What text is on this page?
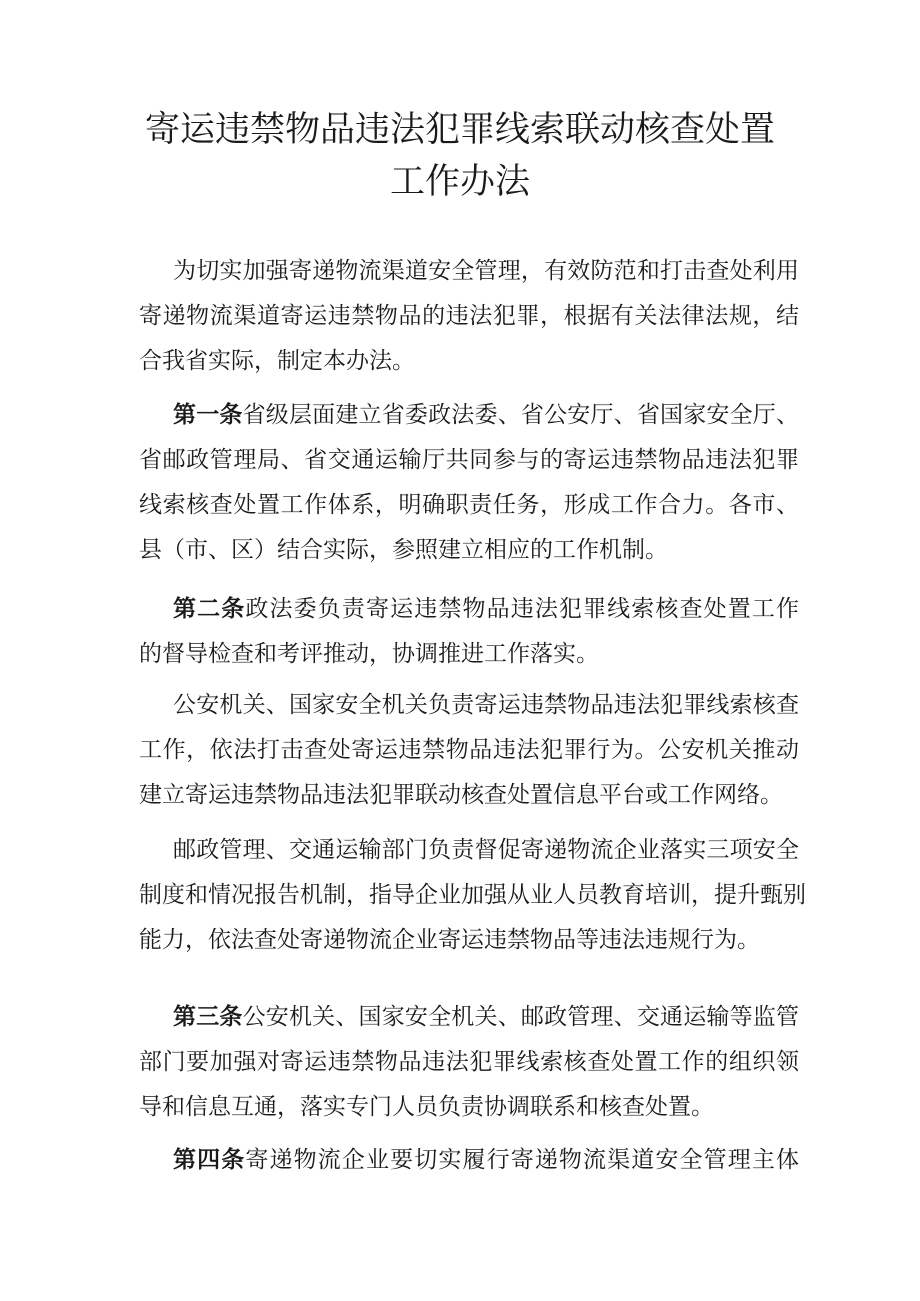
寄运违禁物品违法犯罪线索联动核查处置
工作办法
为切实加强寄递物流渠道安全管理，有效防范和打击查处利用
寄递物流渠道寄运违禁物品的违法犯罪，根据有关法律法规，结
合我省实际，制定本办法。
第一条省级层面建立省委政法委、省公安厅、省国家安全厅、
省邮政管理局、省交通运输厅共同参与的寄运违禁物品违法犯罪
线索核查处置工作体系，明确职责任务，形成工作合力。各市、
县（市、区）结合实际，参照建立相应的工作机制。
第二条政法委负责寄运违禁物品违法犯罪线索核查处置工作
的督导检查和考评推动，协调推进工作落实。
公安机关、国家安全机关负责寄运违禁物品违法犯罪线索核查
工作，依法打击查处寄运违禁物品违法犯罪行为。公安机关推动
建立寄运违禁物品违法犯罪联动核查处置信息平台或工作网络。
邮政管理、交通运输部门负责督促寄递物流企业落实三项安全
制度和情况报告机制，指导企业加强从业人员教育培训，提升甄别
能力，依法查处寄递物流企业寄运违禁物品等违法违规行为。
第三条公安机关、国家安全机关、邮政管理、交通运输等监管
部门要加强对寄运违禁物品违法犯罪线索核查处置工作的组织领
导和信息互通，落实专门人员负责协调联系和核查处置。
第四条寄递物流企业要切实履行寄递物流渠道安全管理主体
